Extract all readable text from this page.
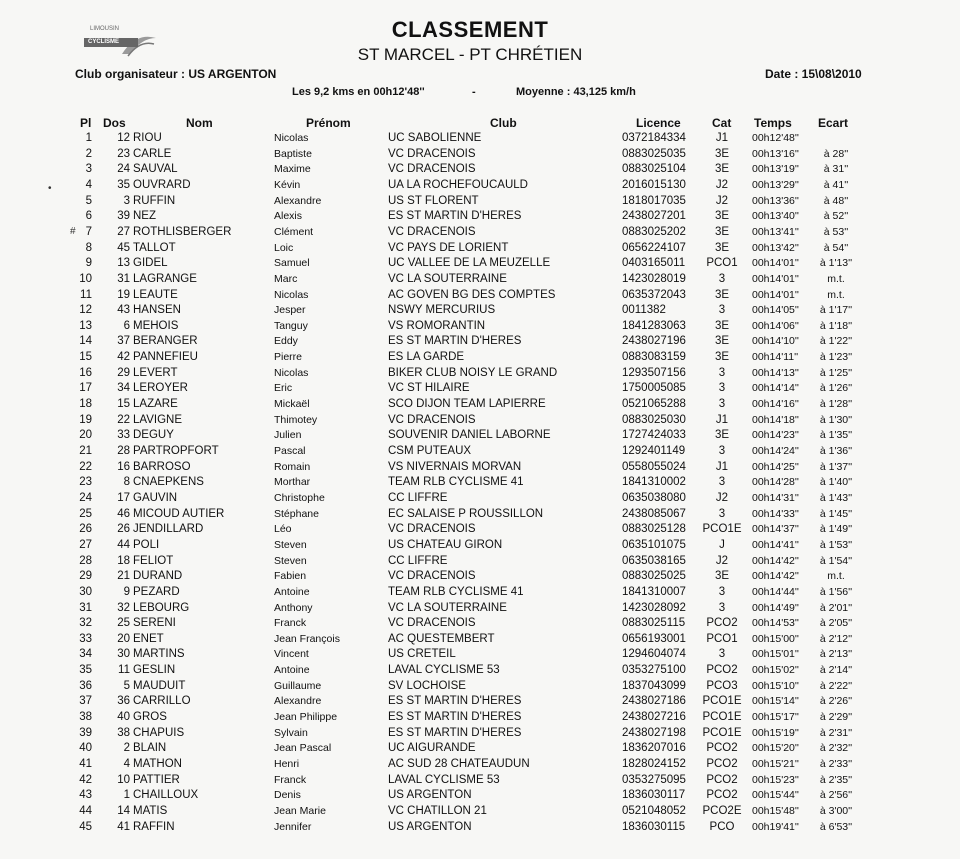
LIMOUSIN
CYCLISME	CLASSEMENT
ST MARCEL - PT CHRÉTIEN
Club organisateur : US ARGENTON	Date : 15\08\2010
Les 9,2 kms en 00h12'48''	-	Moyenne : 43,125 km/h
Pl Dos	Nom	Prénom	Club	Licence	Cat Temps Ecart
1 12 RIOU	Nicolas	UC SABOLIENNE	0372184334	J1	00h12'48''
2 23 CARLE	Baptiste	VC DRACENOIS	0883025035	3E	00h13'16''	à 28''
3 24 SAUVAL	Maxime	VC DRACENOIS	0883025104	3E	00h13'19''	à 31''
4 35 OUVRARD	Kévin	UA LA ROCHEFOUCAULD	2016015130	J2	00h13'29''	à 41''
5	3 RUFFIN	Alexandre	US ST FLORENT	1818017035	J2	00h13'36''	à 48''
6 39 NEZ	Alexis	ES ST MARTIN D'HERES	2438027201	3E	00h13'40''	à 52''
7 27 ROTHLISBERGER	Clément	VC DRACENOIS	0883025202	3E	00h13'41''	à 53''
8 45 TALLOT	Loic	VC PAYS DE LORIENT	0656224107	3E	00h13'42''	à 54''
9 13 GIDEL	Samuel	UC VALLEE DE LA MEUZELLE	0403165011	PCO1	00h14'01''	à 1'13''
10 31 LAGRANGE	Marc	VC LA SOUTERRAINE	1423028019	3	00h14'01''	m.t.
11 19 LEAUTE	Nicolas	AC GOVEN BG DES COMPTES	0635372043	3E	00h14'01''	m.t.
12 43 HANSEN	Jesper	NSWY MERCURIUS	0011382	3	00h14'05''	à 1'17''
13	6 MEHOIS	Tanguy	VS ROMORANTIN	1841283063	3E	00h14'06''	à 1'18''
14 37 BERANGER	Eddy	ES ST MARTIN D'HERES	2438027196	3E	00h14'10''	à 1'22''
15 42 PANNEFIEU	Pierre	ES LA GARDE	0883083159	3E	00h14'11''	à 1'23''
16 29 LEVERT	Nicolas	BIKER CLUB NOISY LE GRAND	1293507156	3	00h14'13''	à 1'25''
17 34 LEROYER	Eric	VC ST HILAIRE	1750005085	3	00h14'14''	à 1'26''
18 15 LAZARE	Mickaël	SCO DIJON TEAM LAPIERRE	0521065288	3	00h14'16''	à 1'28''
19 22 LAVIGNE	Thimotey	VC DRACENOIS	0883025030	J1	00h14'18''	à 1'30''
20 33 DEGUY	Julien	SOUVENIR DANIEL LABORNE	1727424033	3E	00h14'23''	à 1'35''
21 28 PARTROPFORT	Pascal	CSM PUTEAUX	1292401149	3	00h14'24''	à 1'36''
22 16 BARROSO	Romain	VS NIVERNAIS MORVAN	0558055024	J1	00h14'25''	à 1'37''
23	8 CNAEPKENS	Morthar	TEAM RLB CYCLISME 41	1841310002	3	00h14'28''	à 1'40''
24 17 GAUVIN	Christophe	CC LIFFRE	0635038080	J2	00h14'31''	à 1'43''
25 46 MICOUD AUTIER	Stéphane	EC SALAISE P ROUSSILLON	2438085067	3	00h14'33''	à 1'45''
26 26 JENDILLARD	Léo	VC DRACENOIS	0883025128 PCO1E 00h14'37''	à 1'49''
27 44 POLI	Steven	US CHATEAU GIRON	0635101075	J	00h14'41''	à 1'53''
28 18 FELIOT	Steven	CC LIFFRE	0635038165	J2	00h14'42''	à 1'54''
29 21 DURAND	Fabien	VC DRACENOIS	0883025025	3E	00h14'42''	m.t.
30	9 PEZARD	Antoine	TEAM RLB CYCLISME 41	1841310007	3	00h14'44''	à 1'56''
31 32 LEBOURG	Anthony	VC LA SOUTERRAINE	1423028092	3	00h14'49''	à 2'01''
32 25 SERENI	Franck	VC DRACENOIS	0883025115	PCO2	00h14'53''	à 2'05''
33 20 ENET	Jean François	AC QUESTEMBERT	0656193001	PCO1	00h15'00''	à 2'12''
34 30 MARTINS	Vincent	US CRETEIL	1294604074	3	00h15'01''	à 2'13''
35 11 GESLIN	Antoine	LAVAL CYCLISME 53	0353275100	PCO2	00h15'02''	à 2'14''
36	5 MAUDUIT	Guillaume	SV LOCHOISE	1837043099	PCO3	00h15'10''	à 2'22''
37 36 CARRILLO	Alexandre	ES ST MARTIN D'HERES	2438027186 PCO1E 00h15'14''	à 2'26''
38 40 GROS	Jean Philippe	ES ST MARTIN D'HERES	2438027216 PCO1E 00h15'17''	à 2'29''
39 38 CHAPUIS	Sylvain	ES ST MARTIN D'HERES	2438027198 PCO1E 00h15'19''	à 2'31''
40	2 BLAIN	Jean Pascal	UC AIGURANDE	1836207016	PCO2	00h15'20''	à 2'32''
41	4 MATHON	Henri	AC SUD 28 CHATEAUDUN	1828024152	PCO2	00h15'21''	à 2'33''
42 10 PATTIER	Franck	LAVAL CYCLISME 53	0353275095	PCO2	00h15'23''	à 2'35''
43	1 CHAILLOUX	Denis	US ARGENTON	1836030117	PCO2	00h15'44''	à 2'56''
44 14 MATIS	Jean Marie	VC CHATILLON 21	0521048052 PCO2E 00h15'48''	à 3'00''
45 41 RAFFIN	Jennifer	US ARGENTON	1836030115	PCO	00h19'41''	à 6'53''
•
#
